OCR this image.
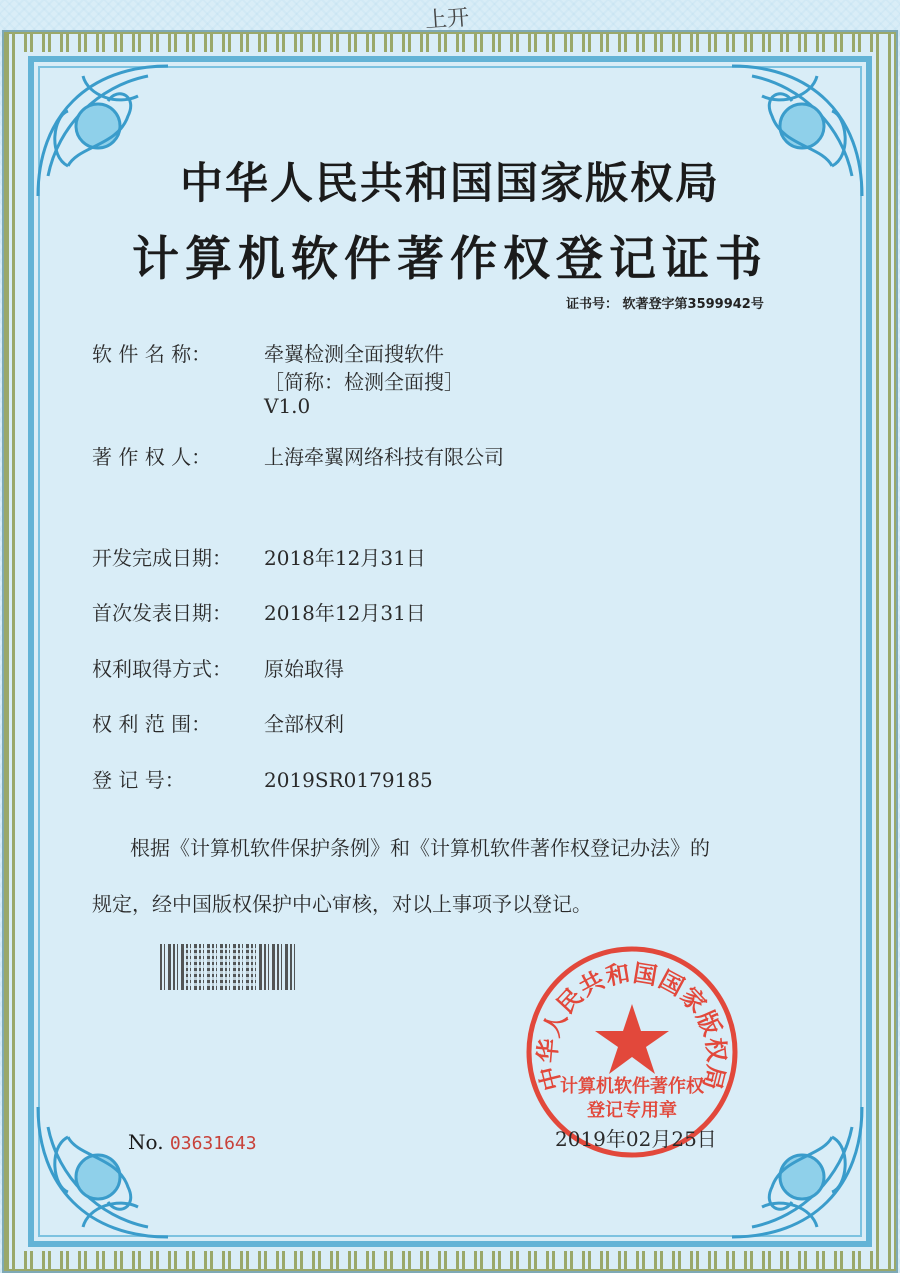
上开
中华人民共和国国家版权局
计算机软件著作权登记证书
证书号： 软著登字第3599942号
软 件 名 称：	牵翼检测全面搜软件
［简称：检测全面搜］
V1.0
著 作 权 人：	上海牵翼网络科技有限公司
开发完成日期： 2018年12月31日
首次发表日期： 2018年12月31日
权利取得方式： 原始取得
权 利 范 围：	全部权利
登 记 号：	2019SR0179185
根据《计算机软件保护条例》和《计算机软件著作权登记办法》的
规定，经中国版权保护中心审核，对以上事项予以登记。
中华人民共和国国家版权局
计算机软件著作权
登记专用章
No. 03631643	2019年02月25日
